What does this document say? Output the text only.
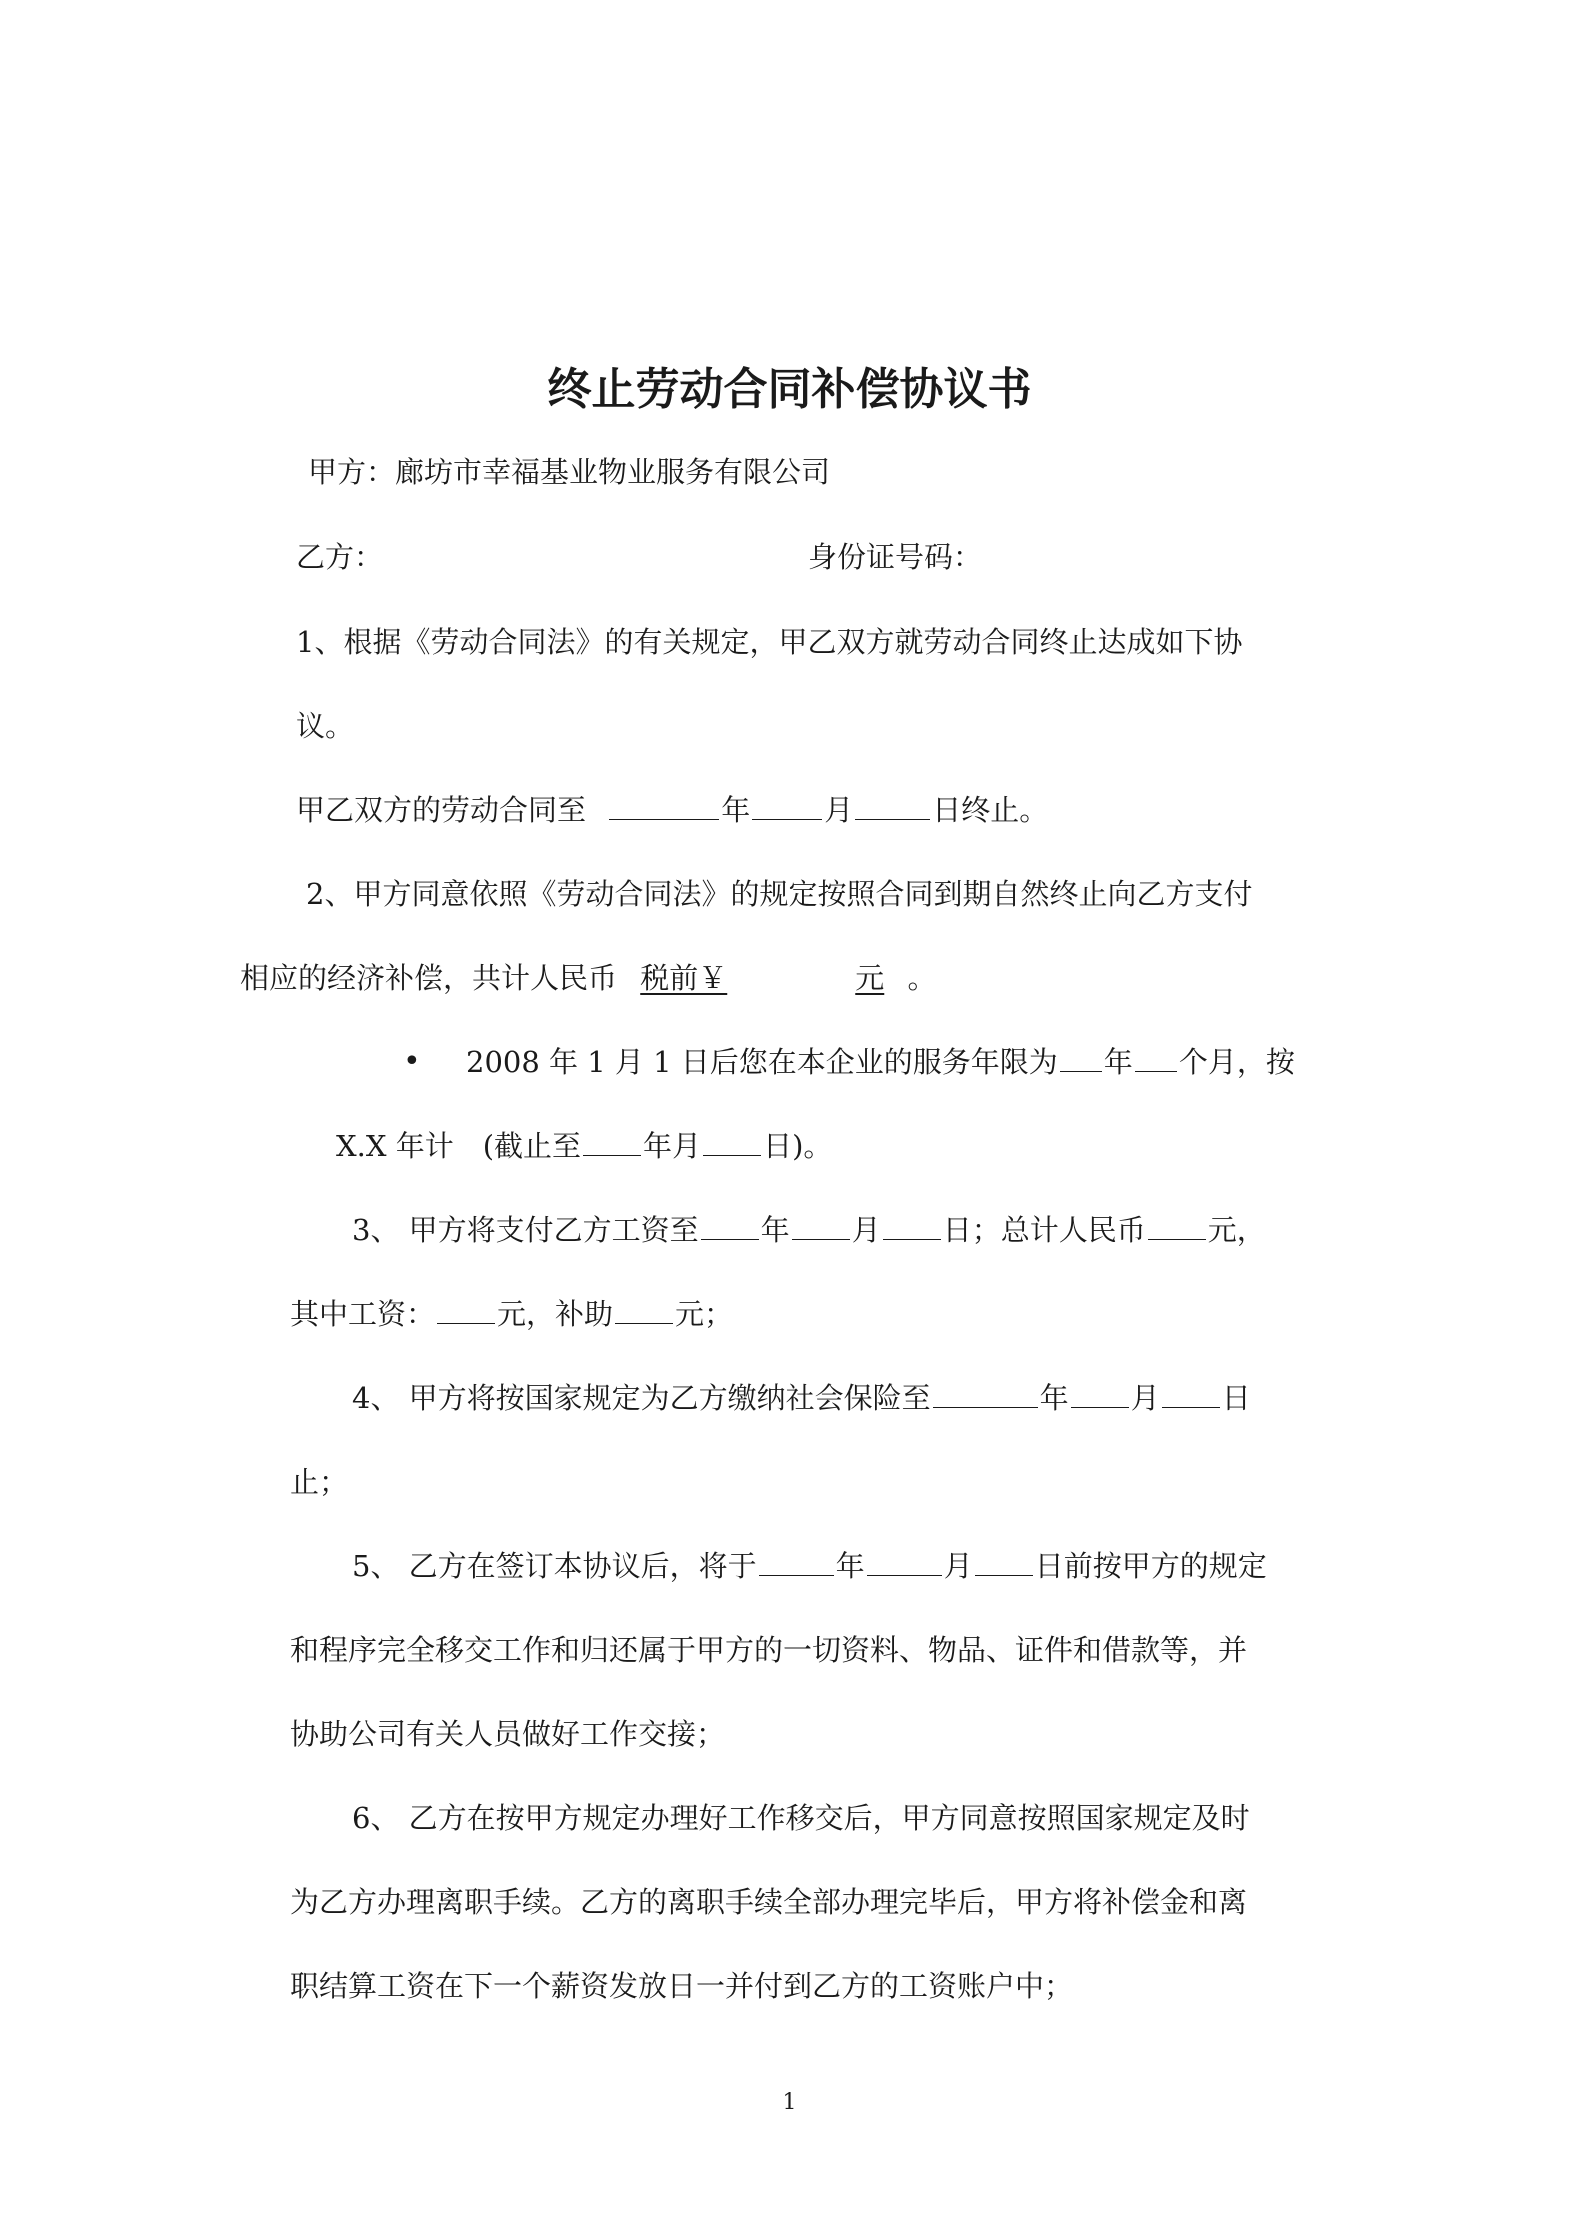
终止劳动合同补偿协议书
甲方：廊坊市幸福基业物业服务有限公司
乙方：	身份证号码：
1、根据《劳动合同法》的有关规定，甲乙双方就劳动合同终止达成如下协
议。
甲乙双方的劳动合同至	年	月	日终止。
2、甲方同意依照《劳动合同法》的规定按照合同到期自然终止向乙方支付
相应的经济补偿，共计人民币 税前￥	元 。
• 2008 年 1 月 1 日后您在本企业的服务年限为 年 个月，按
X.X 年计　(截止至 年月 日)。
3、 甲方将支付乙方工资至 年 月 日；总计人民币 元，
其中工资： 元，补助 元；
4、 甲方将按国家规定为乙方缴纳社会保险至	年 月 日
止；
5、 乙方在签订本协议后，将于	年	月 日前按甲方的规定
和程序完全移交工作和归还属于甲方的一切资料、物品、证件和借款等，并
协助公司有关人员做好工作交接；
6、 乙方在按甲方规定办理好工作移交后，甲方同意按照国家规定及时
为乙方办理离职手续。乙方的离职手续全部办理完毕后，甲方将补偿金和离
职结算工资在下一个薪资发放日一并付到乙方的工资账户中；
1
